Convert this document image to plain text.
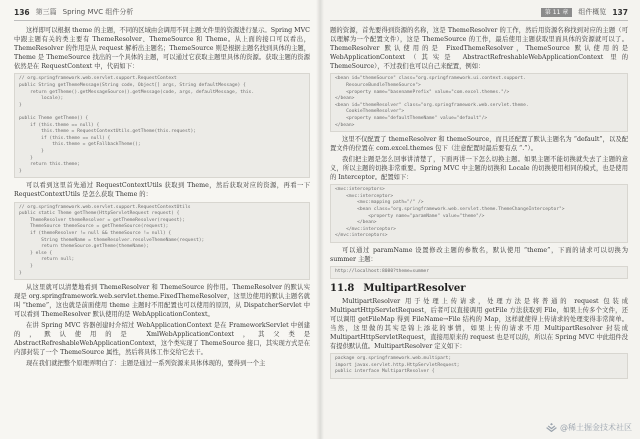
136 第三篇 Spring MVC 组件分析

这样即可以根据 theme 的主题，不同的区域由会调用不同主题文件里的资源进行显示。Spring MVC 中跟主题有关的类主要有 ThemeResolver、ThemeSource 和 Theme。从上面的接口可以看出，ThemeResolver 的作用是从 request 解析出主题名；ThemeSource 则是根据主题名找到具体的主题，Theme 是 ThemeSource 找出的一个具体的主题，可以通过它获取主题里具体的资源。获取主题的资源依然是在 RequestContext 中，代码如下：

// org.springframework.web.servlet.support.RequestContext
public String getThemeMessage(String code, Object[] args, String defaultMessage) {
return getTheme().getMessageSource().getMessage(code, args, defaultMessage, this.
locale);
}

public Theme getTheme() {
if (this.theme == null) {
this.theme = RequestContextUtils.getTheme(this.request);
if (this.theme == null) {
this.theme = getFallbackTheme();
}
}
return this.theme;
}

可以看到这里首先通过 RequestContextUtils 获取到 Theme，然后获取对应的资源，再看一下 RequestContextUtils 是怎么获取 Theme 的：

// org.springframework.web.servlet.support.RequestContextUtils
public static Theme getTheme(HttpServletRequest request) {
ThemeResolver themeResolver = getThemeResolver(request);
ThemeSource themeSource = getThemeSource(request);
if (themeResolver != null && themeSource != null) {
String themeName = themeResolver.resolveThemeName(request);
return themeSource.getTheme(themeName);
} else {
return null;
}
}

从这里就可以清楚地看到 ThemeResolver 和 ThemeSource 的作用。ThemeResolver 的默认实现是 org.springframework.web.servlet.theme.FixedThemeResolver，这里边使用的默认主题名就叫 “theme”，这也就是前面使用 theme 主题时不用配置也可以使用的原因，从 DispatcherServlet 中可以看到 ThemeResolver 默认使用的是 WebApplicationContext。

在讲 Spring MVC 容器创建时介绍过 WebApplicationContext 是在 FrameworkServlet 中创建的，默认使用的是 XmlWebApplicationContext，其父类是 AbstractRefreshableWebApplicationContext，这个类实现了 ThemeSource 接口，其实现方式是在内部封装了一个 ThemeSource 属性，然后将具体工作交给它去干。

现在我们就把整个原理弄明白了：主题是通过一系列资源来具体体现的，要得到一个主

第 11 章	组件概览 137

题的资源，首先要得到资源的名称，这是 ThemeResolver 的工作，然后用资源名称找到对应的主题（可以理解为一个配置文件），这是 ThemeSource 的工作，最后使用主题获取里面具体的资源就可以了。ThemeResolver 默认使用的是 FixedThemeResolver，ThemeSource 默认使用的是 WebApplicationContext（其实是 AbstractRefreshableWebApplicationContext 里的 ThemeSource），不过我们也可以自己来配置，例如：

<bean id="themeSource" class="org.springframework.ui.context.support.
ResourceBundleThemeSource">
<property name="basenamePrefix" value="com.excel.themes."/>
</bean>
<bean id="themeResolver" class="org.springframework.web.servlet.theme.
CookieThemeResolver">
<property name="defaultThemeName" value="default"/>
</bean>

这里不仅配置了 themeResolver 和 themeSource，而且还配置了默认主题名为 “default”，以及配置文件的位置在 com.excel.themes 包下（注意配置时最后要有点 “.”）。

我们把主题是怎么回事讲清楚了，下面再讲一下怎么切换主题。如果主题不能切换就失去了主题的意义，所以主题的切换非常重要。Spring MVC 中主题的切换和 Locale 的切换使用相同的模式，也是使用的 Interceptor。配置如下：

<mvc:interceptors>
<mvc:interceptor>
<mvc:mapping path="/" />
<bean class="org.springframework.web.servlet.theme.ThemeChangeInterceptor">
<property name="paramName" value="theme"/>
</bean>
</mvc:interceptor>
</mvc:interceptors>

可以通过 paramName 设置修改主题的参数名，默认使用 “theme”，下面的请求可以切换为 summer 主题：

http://localhost:8080?theme=summer
11.8 MultipartResolver

MultipartResolver 用于处理上传请求，处理方法是将普通的 request 包装成 MultipartHttpServletRequest，后者可以直接调用 getFile 方法获取到 File，如果上传多个文件，还可以调用 getFileMap 得到 FileName→File 结构的 Map，这样就使得上传请求的处理变得非常简单。当然，这里做的其实是锦上添花的事情，如果上传的请求不用 MultipartResolver 封装成 MultipartHttpServletRequest，直接用原来的 request 也是可以的，所以在 Spring MVC 中此组件没有提供默认值。MultipartResolver 定义如下：

package org.springframework.web.multipart;
import javax.servlet.http.HttpServletRequest;
public interface MultipartResolver {
@稀土掘金技术社区
